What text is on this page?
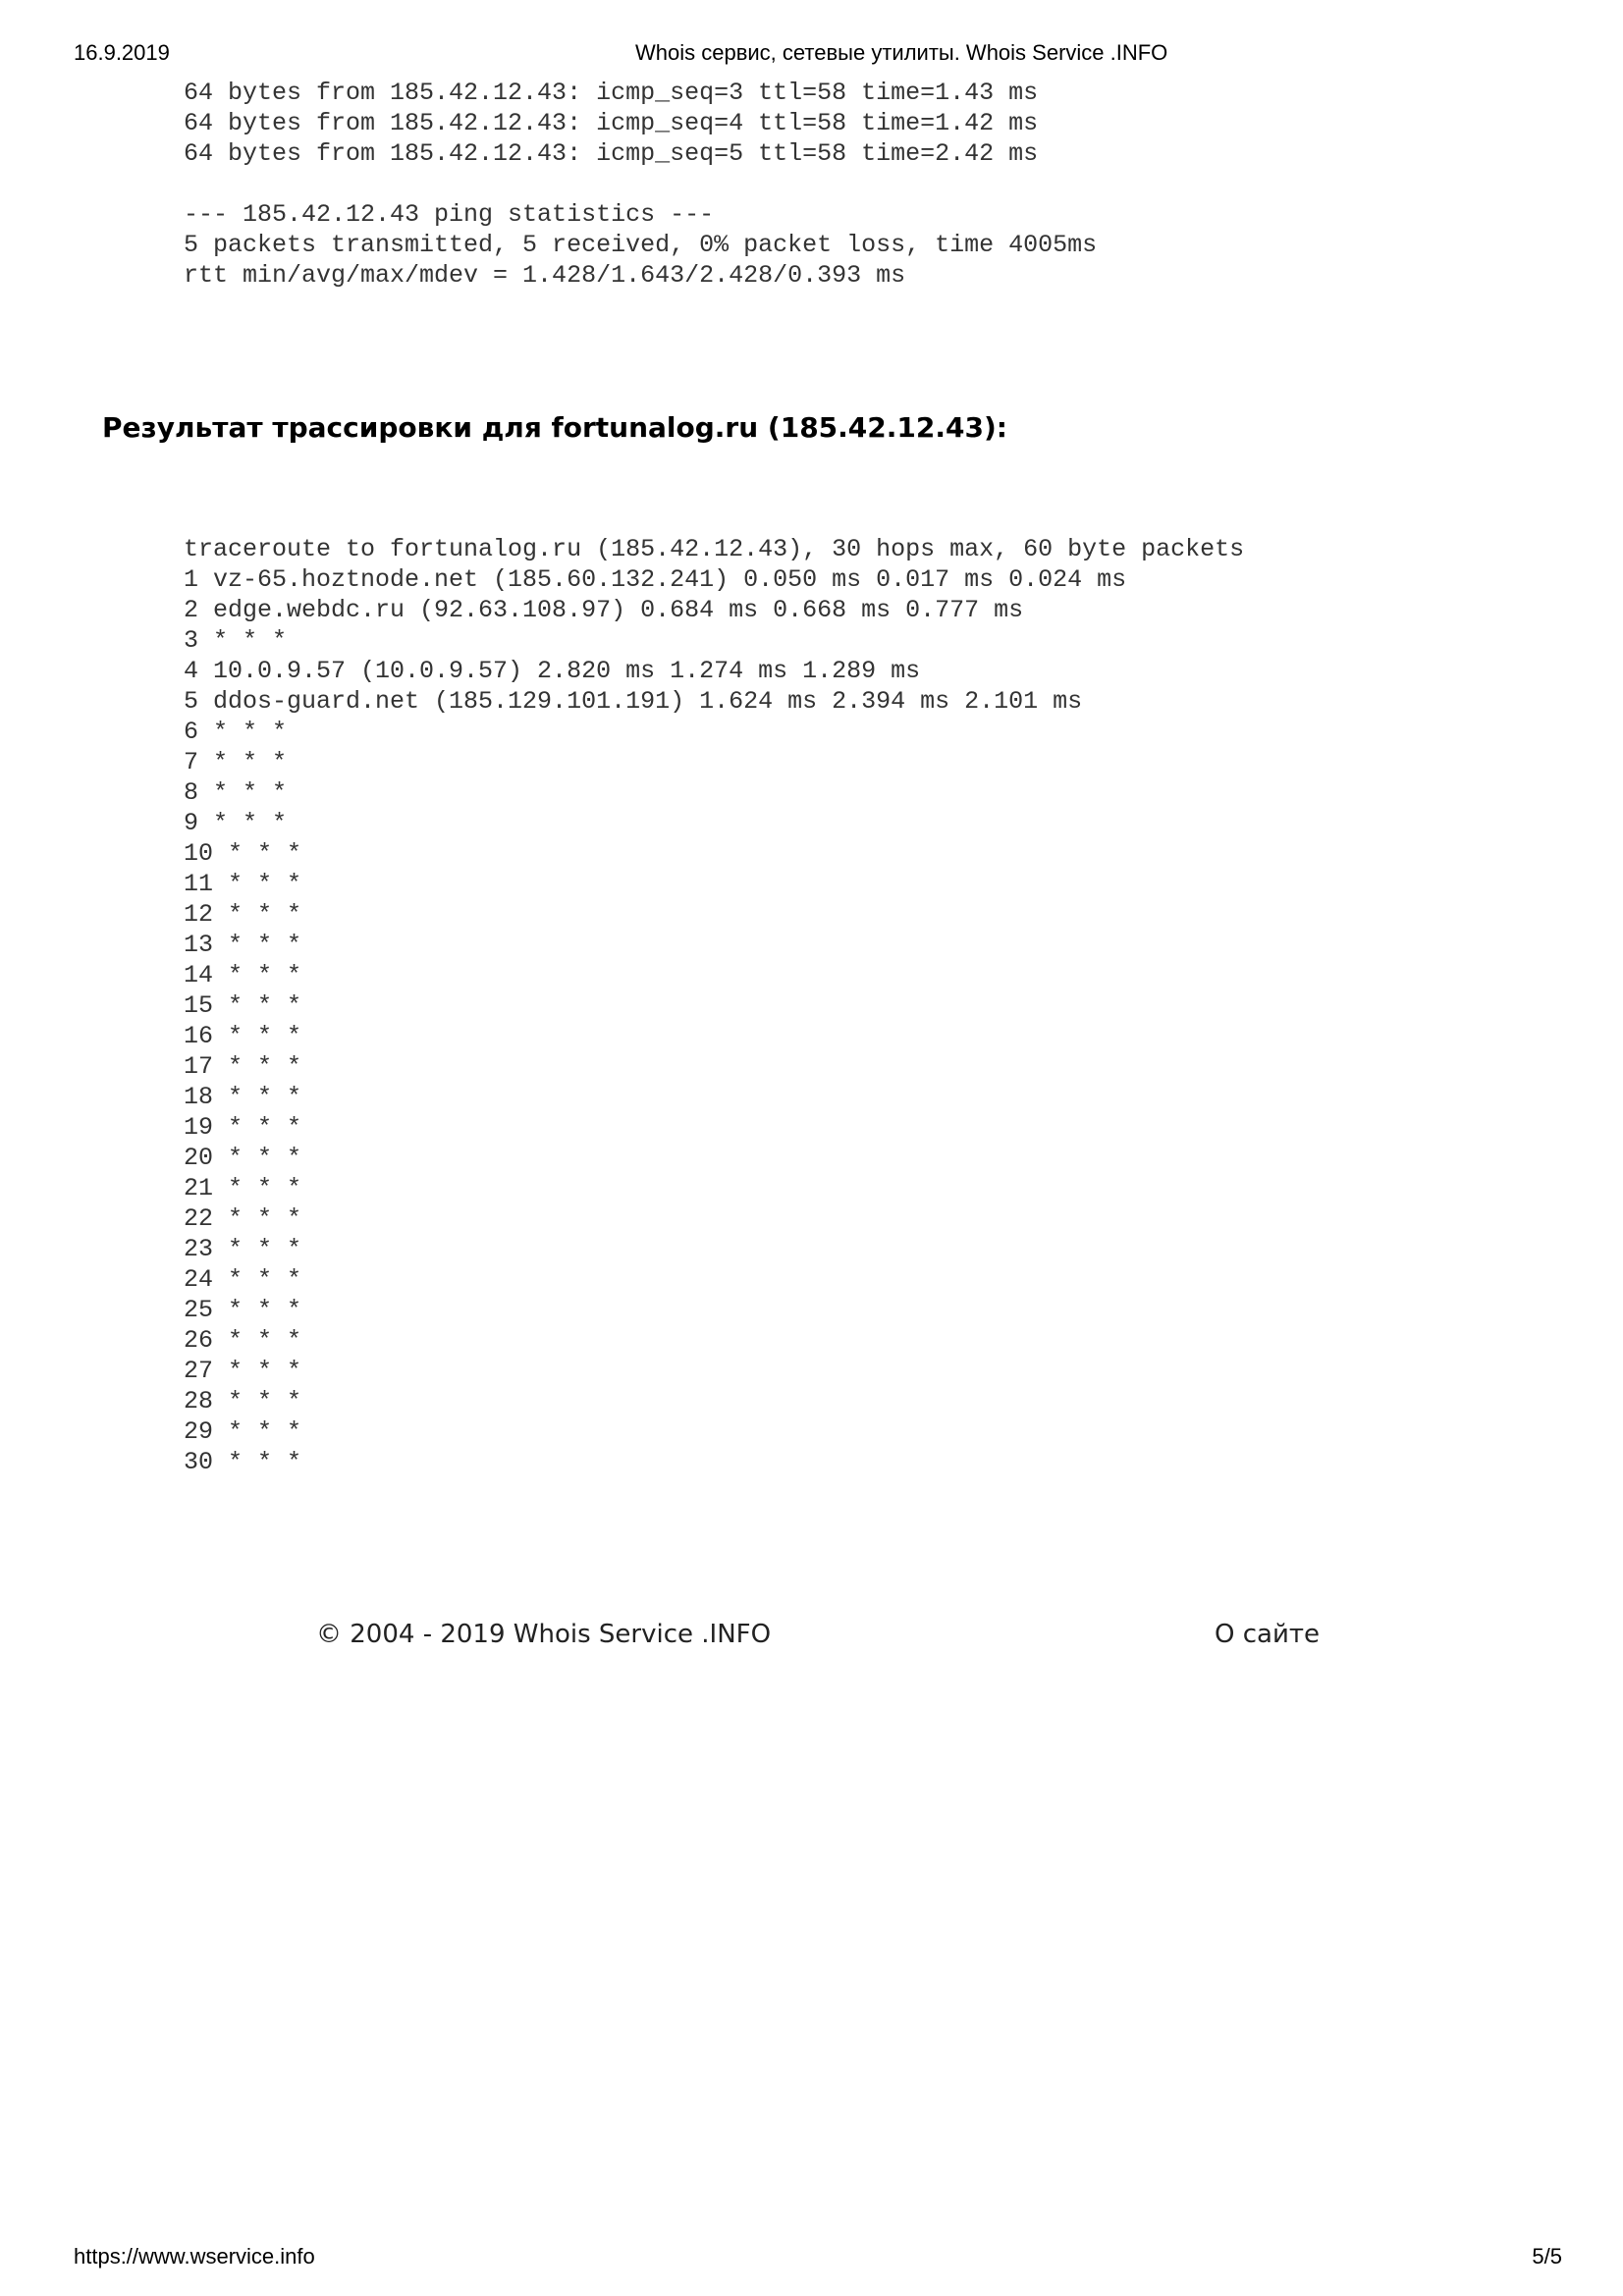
16.9.2019	Whois сервис, сетевые утилиты. Whois Service .INFO
64 bytes from 185.42.12.43: icmp_seq=3 ttl=58 time=1.43 ms
64 bytes from 185.42.12.43: icmp_seq=4 ttl=58 time=1.42 ms
64 bytes from 185.42.12.43: icmp_seq=5 ttl=58 time=2.42 ms

--- 185.42.12.43 ping statistics ---
5 packets transmitted, 5 received, 0% packet loss, time 4005ms
rtt min/avg/max/mdev = 1.428/1.643/2.428/0.393 ms
Результат трассировки для fortunalog.ru (185.42.12.43):
traceroute to fortunalog.ru (185.42.12.43), 30 hops max, 60 byte packets
1 vz-65.hoztnode.net (185.60.132.241) 0.050 ms 0.017 ms 0.024 ms
2 edge.webdc.ru (92.63.108.97) 0.684 ms 0.668 ms 0.777 ms
3 * * *
4 10.0.9.57 (10.0.9.57) 2.820 ms 1.274 ms 1.289 ms
5 ddos-guard.net (185.129.101.191) 1.624 ms 2.394 ms 2.101 ms
6 * * *
7 * * *
8 * * *
9 * * *
10 * * *
11 * * *
12 * * *
13 * * *
14 * * *
15 * * *
16 * * *
17 * * *
18 * * *
19 * * *
20 * * *
21 * * *
22 * * *
23 * * *
24 * * *
25 * * *
26 * * *
27 * * *
28 * * *
29 * * *
30 * * *
© 2004 - 2019 Whois Service .INFO	О сайте
https://www.wservice.info	5/5
